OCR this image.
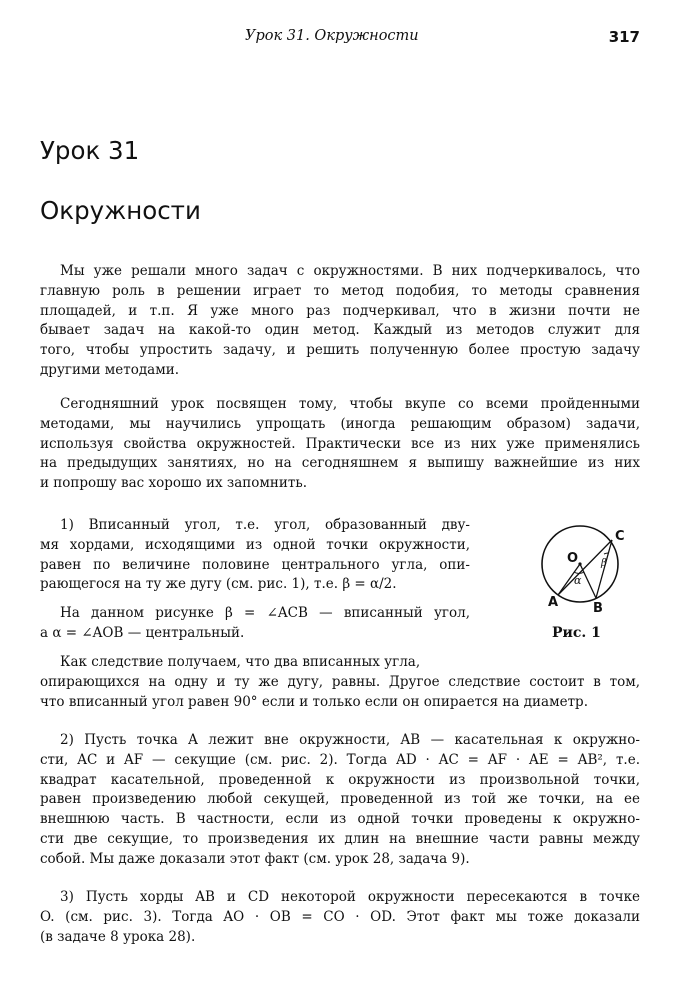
Урок 31. Окружности	317
Урок 31
Окружности

Мы уже решали много задач с окружностями. В них подчеркивалось, что
главную роль в решении играет то метод подобия, то методы сравнения
площадей, и т.п. Я уже много раз подчеркивал, что в жизни почти не
бывает задач на какой-то один метод. Каждый из методов служит для
того, чтобы упростить задачу, и решить полученную более простую задачу
другими методами.

Сегодняшний урок посвящен тому, чтобы вкупе со всеми пройденными
методами, мы научились упрощать (иногда решающим образом) задачи,
используя свойства окружностей. Практически все из них уже применялись
на предыдущих занятиях, но на сегодняшнем я выпишу важнейшие из них
и попрошу вас хорошо их запомнить.

1) Вписанный угол, т.е. угол, образованный дву-
мя хордами, исходящими из одной точки окружности,
равен по величине половине центрального угла, опи-
рающегося на ту же дугу (см. рис. 1), т.е. β = α/2.

На данном рисунке β = ∠ACB — вписанный угол,
а α = ∠AOB — центральный.

O
α
β
C
A	B
Рис. 1

Как следствие получаем, что два вписанных угла,
опирающихся на одну и ту же дугу, равны. Другое следствие состоит в том,
что вписанный угол равен 90° если и только если он опирается на диаметр.

2) Пусть точка A лежит вне окружности, AB — касательная к окружно-
сти, AC и AF — секущие (см. рис. 2). Тогда AD · AC = AF · AE = AB², т.е.
квадрат касательной, проведенной к окружности из произвольной точки,
равен произведению любой секущей, проведенной из той же точки, на ее
внешнюю часть. В частности, если из одной точки проведены к окружно-
сти две секущие, то произведения их длин на внешние части равны между
собой. Мы даже доказали этот факт (см. урок 28, задача 9).

3) Пусть хорды AB и CD некоторой окружности пересекаются в точке
O. (см. рис. 3). Тогда AO · OB = CO · OD. Этот факт мы тоже доказали
(в задаче 8 урока 28).
